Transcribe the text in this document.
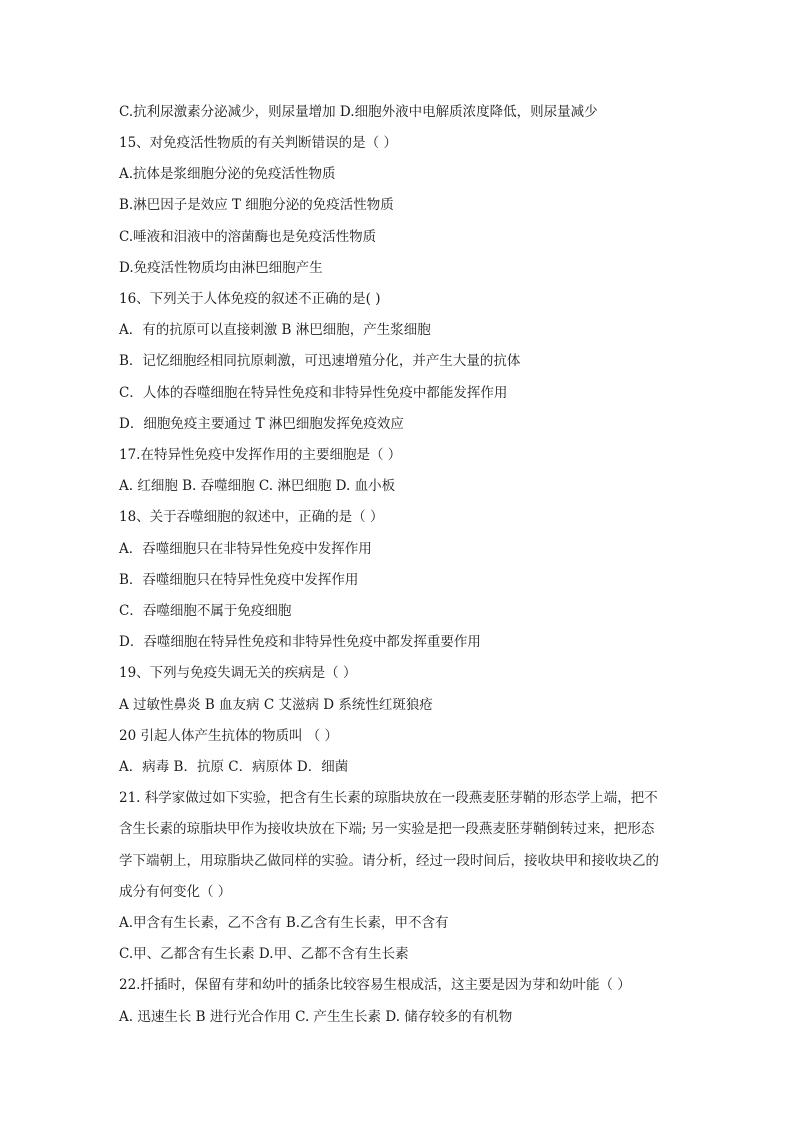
C.抗利尿激素分泌减少，则尿量增加 D.细胞外液中电解质浓度降低，则尿量减少
15、对免疫活性物质的有关判断错误的是（ ）
A.抗体是浆细胞分泌的免疫活性物质
B.淋巴因子是效应 T 细胞分泌的免疫活性物质
C.唾液和泪液中的溶菌酶也是免疫活性物质
D.免疫活性物质均由淋巴细胞产生
16、下列关于人体免疫的叙述不正确的是( )
A．有的抗原可以直接刺激 B 淋巴细胞，产生浆细胞
B．记忆细胞经相同抗原刺激，可迅速增殖分化，并产生大量的抗体
C．人体的吞噬细胞在特异性免疫和非特异性免疫中都能发挥作用
D．细胞免疫主要通过 T 淋巴细胞发挥免疫效应
17.在特异性免疫中发挥作用的主要细胞是（ ）
A. 红细胞 B. 吞噬细胞 C. 淋巴细胞 D. 血小板
18、关于吞噬细胞的叙述中，正确的是（ ）
A．吞噬细胞只在非特异性免疫中发挥作用
B．吞噬细胞只在特异性免疫中发挥作用
C．吞噬细胞不属于免疫细胞
D．吞噬细胞在特异性免疫和非特异性免疫中都发挥重要作用
19、下列与免疫失调无关的疾病是（ ）
A 过敏性鼻炎 B 血友病 C 艾滋病 D 系统性红斑狼疮
20 引起人体产生抗体的物质叫 （ ）
A．病毒 B．抗原 C．病原体 D．细菌
21. 科学家做过如下实验，把含有生长素的琼脂块放在一段燕麦胚芽鞘的形态学上端，把不
含生长素的琼脂块甲作为接收块放在下端; 另一实验是把一段燕麦胚芽鞘倒转过来，把形态
学下端朝上，用琼脂块乙做同样的实验。请分析，经过一段时间后，接收块甲和接收块乙的
成分有何变化（ ）
A.甲含有生长素，乙不含有 B.乙含有生长素，甲不含有
C.甲、乙都含有生长素 D.甲、乙都不含有生长素
22.扦插时，保留有芽和幼叶的插条比较容易生根成活，这主要是因为芽和幼叶能（ ）
A. 迅速生长 B 进行光合作用 C. 产生生长素 D. 储存较多的有机物
